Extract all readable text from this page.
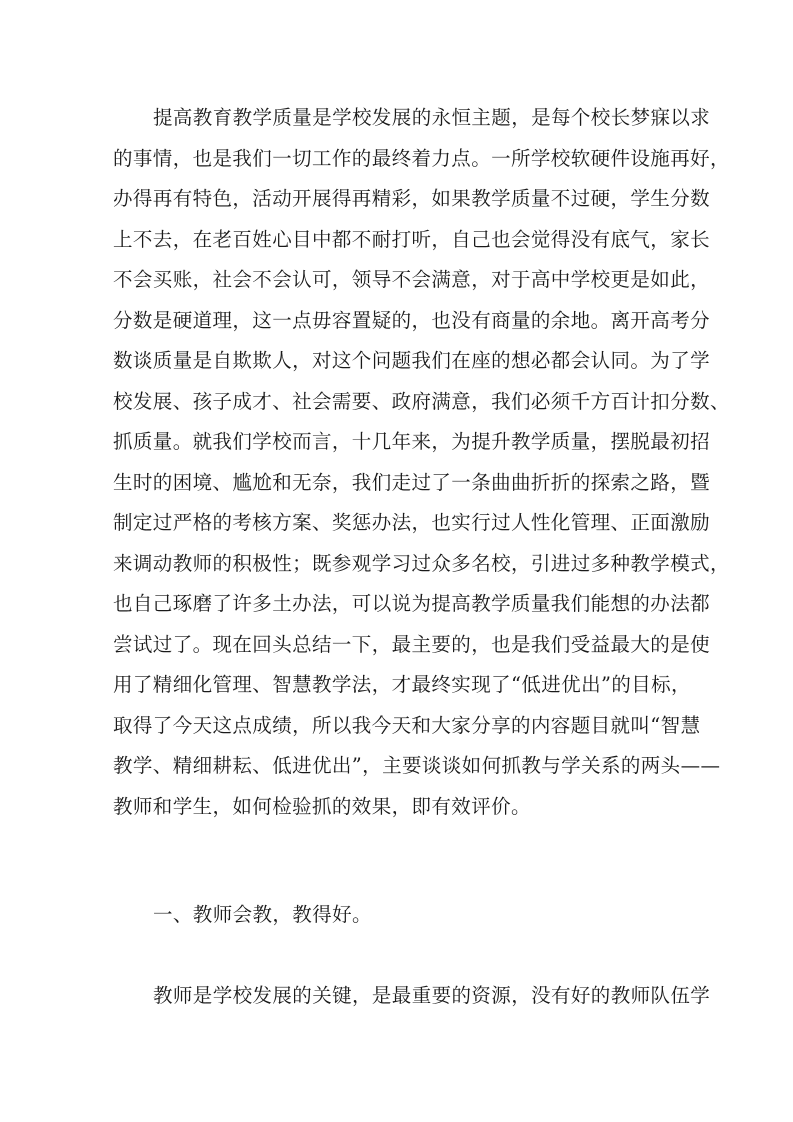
提高教育教学质量是学校发展的永恒主题，是每个校长梦寐以求
的事情，也是我们一切工作的最终着力点。一所学校软硬件设施再好，
办得再有特色，活动开展得再精彩，如果教学质量不过硬，学生分数
上不去，在老百姓心目中都不耐打听，自己也会觉得没有底气，家长
不会买账，社会不会认可，领导不会满意，对于高中学校更是如此，
分数是硬道理，这一点毋容置疑的，也没有商量的余地。离开高考分
数谈质量是自欺欺人，对这个问题我们在座的想必都会认同。为了学
校发展、孩子成才、社会需要、政府满意，我们必须千方百计扣分数、
抓质量。就我们学校而言，十几年来，为提升教学质量，摆脱最初招
生时的困境、尴尬和无奈，我们走过了一条曲曲折折的探索之路，暨
制定过严格的考核方案、奖惩办法，也实行过人性化管理、正面激励
来调动教师的积极性；既参观学习过众多名校，引进过多种教学模式，
也自己琢磨了许多土办法，可以说为提高教学质量我们能想的办法都
尝试过了。现在回头总结一下，最主要的，也是我们受益最大的是使
用了精细化管理、智慧教学法，才最终实现了“低进优出”的目标，
取得了今天这点成绩，所以我今天和大家分享的内容题目就叫“智慧
教学、精细耕耘、低进优出”，主要谈谈如何抓教与学关系的两头——
教师和学生，如何检验抓的效果，即有效评价。
一、教师会教，教得好。
教师是学校发展的关键，是最重要的资源，没有好的教师队伍学
